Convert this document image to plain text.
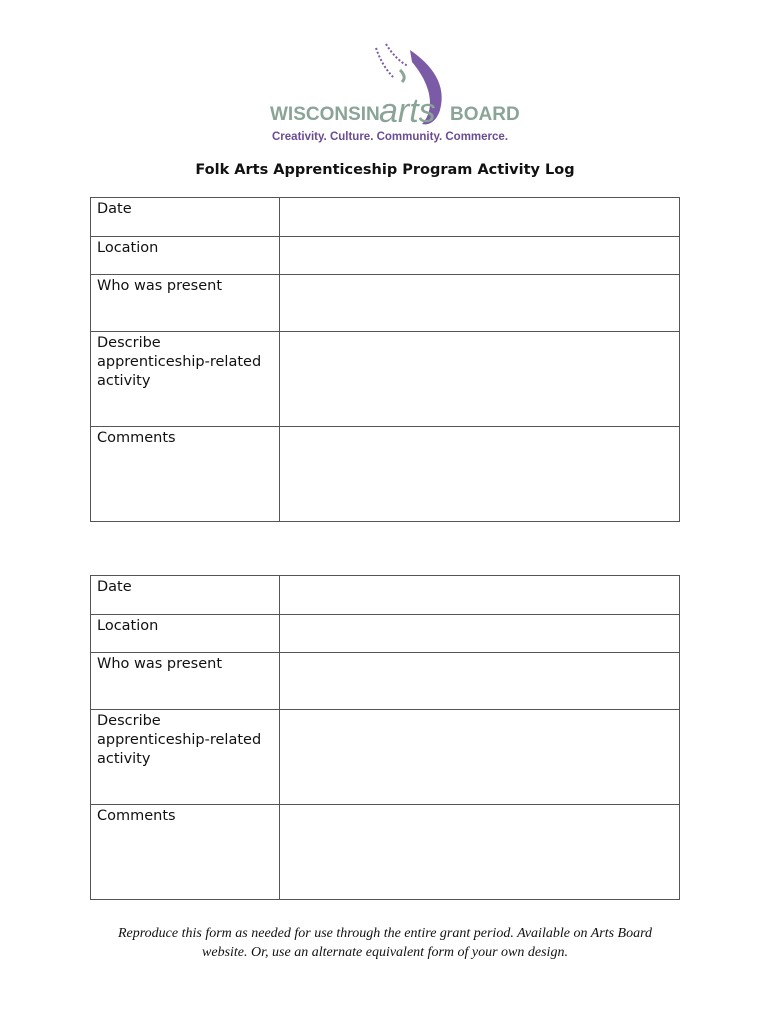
WISCONSIN arts BOARD
Creativity. Culture. Community. Commerce.
Folk Arts Apprenticeship Program Activity Log
Date	
Location	
Who was present	
Describe apprenticeship-related activity	
Comments	
Date	
Location	
Who was present	
Describe apprenticeship-related activity	
Comments	
Reproduce this form as needed for use through the entire grant period. Available on Arts Board
website. Or, use an alternate equivalent form of your own design.
